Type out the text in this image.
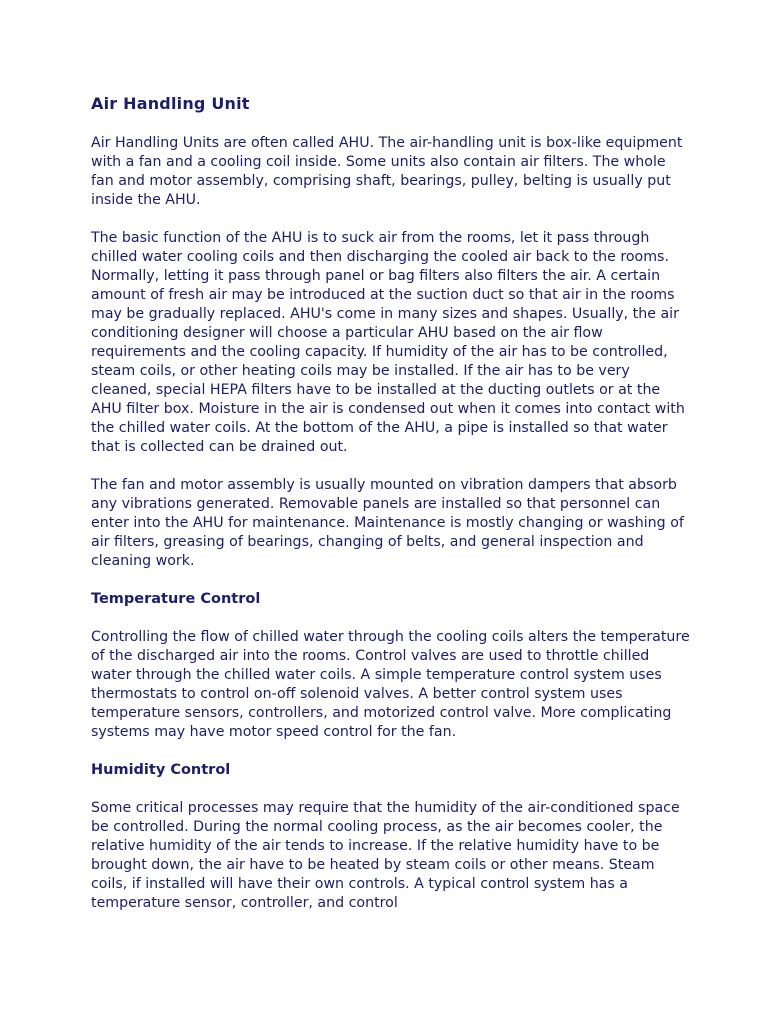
Air Handling Unit

Air Handling Units are often called AHU. The air-handling unit is box-like equipment with a fan and a cooling coil inside. Some units also contain air filters. The whole fan and motor assembly, comprising shaft, bearings, pulley, belting is usually put inside the AHU.

The basic function of the AHU is to suck air from the rooms, let it pass through chilled water cooling coils and then discharging the cooled air back to the rooms. Normally, letting it pass through panel or bag filters also filters the air. A certain amount of fresh air may be introduced at the suction duct so that air in the rooms may be gradually replaced. AHU's come in many sizes and shapes. Usually, the air conditioning designer will choose a particular AHU based on the air flow requirements and the cooling capacity. If humidity of the air has to be controlled, steam coils, or other heating coils may be installed. If the air has to be very cleaned, special HEPA filters have to be installed at the ducting outlets or at the AHU filter box. Moisture in the air is condensed out when it comes into contact with the chilled water coils. At the bottom of the AHU, a pipe is installed so that water that is collected can be drained out.

The fan and motor assembly is usually mounted on vibration dampers that absorb any vibrations generated. Removable panels are installed so that personnel can enter into the AHU for maintenance. Maintenance is mostly changing or washing of air filters, greasing of bearings, changing of belts, and general inspection and cleaning work.

Temperature Control

Controlling the flow of chilled water through the cooling coils alters the temperature of the discharged air into the rooms. Control valves are used to throttle chilled water through the chilled water coils. A simple temperature control system uses thermostats to control on-off solenoid valves. A better control system uses temperature sensors, controllers, and motorized control valve. More complicating systems may have motor speed control for the fan.

Humidity Control

Some critical processes may require that the humidity of the air-conditioned space be controlled. During the normal cooling process, as the air becomes cooler, the relative humidity of the air tends to increase. If the relative humidity have to be brought down, the air have to be heated by steam coils or other means. Steam coils, if installed will have their own controls. A typical control system has a temperature sensor, controller, and control
